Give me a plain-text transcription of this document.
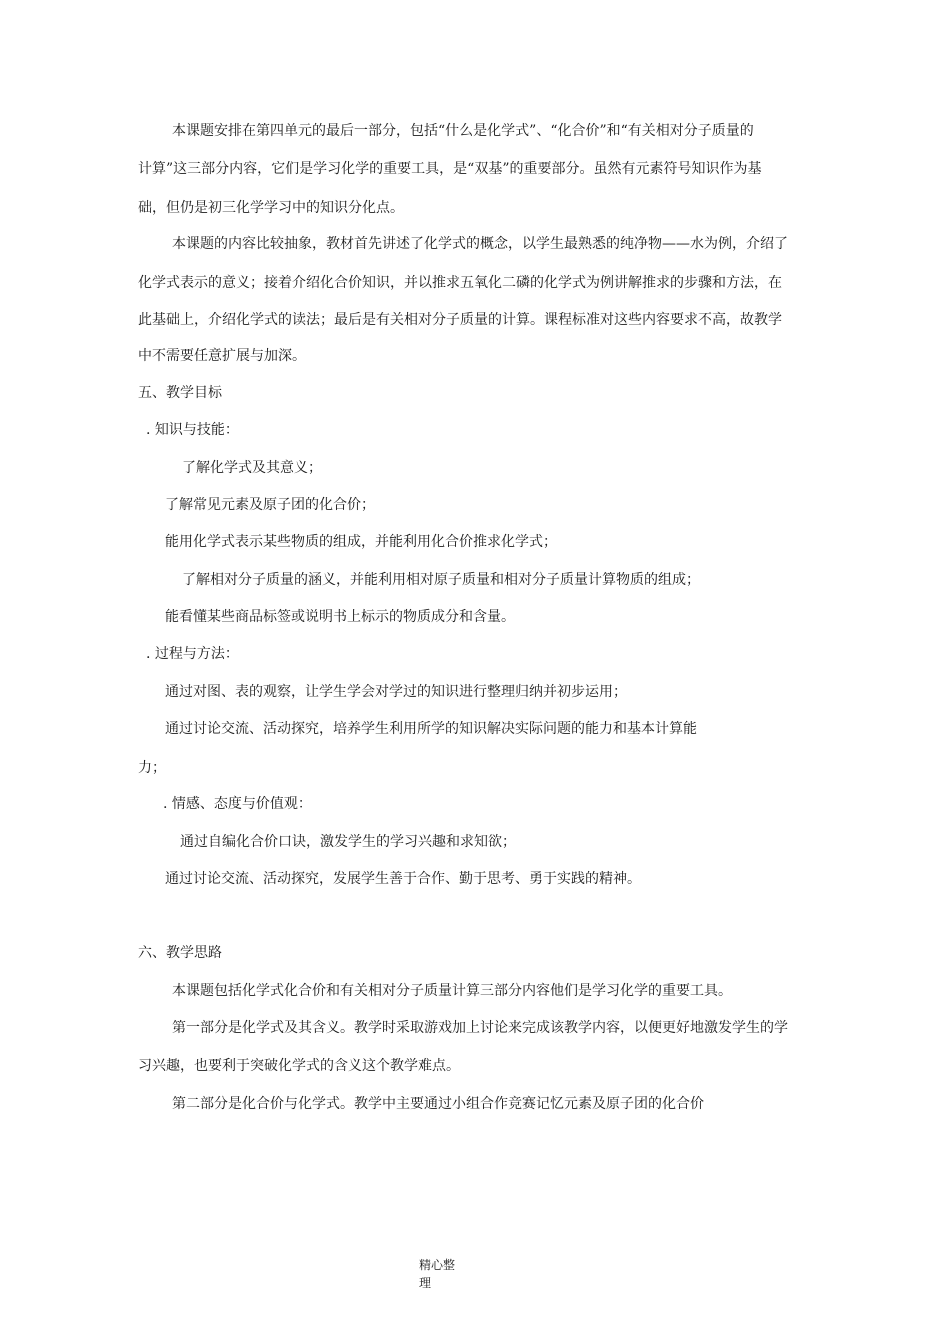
本课题安排在第四单元的最后一部分，包括“什么是化学式”、“化合价”和“有关相对分子质量的
计算”这三部分内容，它们是学习化学的重要工具，是“双基”的重要部分。虽然有元素符号知识作为基
础，但仍是初三化学学习中的知识分化点。
本课题的内容比较抽象，教材首先讲述了化学式的概念，以学生最熟悉的纯净物——水为例，介绍了
化学式表示的意义；接着介绍化合价知识，并以推求五氧化二磷的化学式为例讲解推求的步骤和方法，在
此基础上，介绍化学式的读法；最后是有关相对分子质量的计算。课程标准对这些内容要求不高，故教学
中不需要任意扩展与加深。
五、教学目标
. 知识与技能：
了解化学式及其意义；
了解常见元素及原子团的化合价；
能用化学式表示某些物质的组成，并能利用化合价推求化学式；
了解相对分子质量的涵义，并能利用相对原子质量和相对分子质量计算物质的组成；
能看懂某些商品标签或说明书上标示的物质成分和含量。
. 过程与方法：
通过对图、表的观察，让学生学会对学过的知识进行整理归纳并初步运用；
通过讨论交流、活动探究，培养学生利用所学的知识解决实际问题的能力和基本计算能
力；
. 情感、态度与价值观：
通过自编化合价口诀，激发学生的学习兴趣和求知欲；
通过讨论交流、活动探究，发展学生善于合作、勤于思考、勇于实践的精神。
六、教学思路
本课题包括化学式化合价和有关相对分子质量计算三部分内容他们是学习化学的重要工具。
第一部分是化学式及其含义。教学时采取游戏加上讨论来完成该教学内容，以便更好地激发学生的学
习兴趣，也要利于突破化学式的含义这个教学难点。
第二部分是化合价与化学式。教学中主要通过小组合作竞赛记忆元素及原子团的化合价
精心整
理
